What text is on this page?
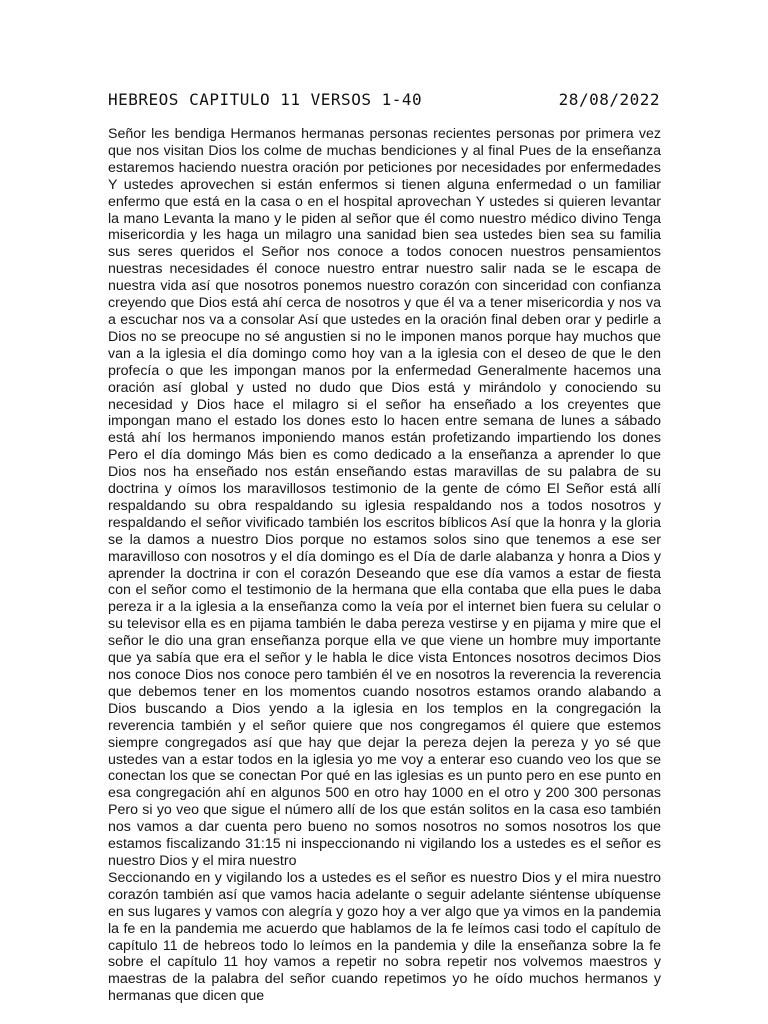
HEBREOS CAPITULO 11 VERSOS 1-40	28/08/2022

Señor les bendiga Hermanos hermanas personas recientes personas por primera vez que nos visitan Dios los colme de muchas bendiciones y al final Pues de la enseñanza estaremos haciendo nuestra oración por peticiones por necesidades por enfermedades Y ustedes aprovechen si están enfermos si tienen alguna enfermedad o un familiar enfermo que está en la casa o en el hospital aprovechan Y ustedes si quieren levantar la mano Levanta la mano y le piden al señor que él como nuestro médico divino Tenga misericordia y les haga un milagro una sanidad bien sea ustedes bien sea su familia sus seres queridos el Señor nos conoce a todos conocen nuestros pensamientos nuestras necesidades él conoce nuestro entrar nuestro salir nada se le escapa de nuestra vida así que nosotros ponemos nuestro corazón con sinceridad con confianza creyendo que Dios está ahí cerca de nosotros y que él va a tener misericordia y nos va a escuchar nos va a consolar Así que ustedes en la oración final deben orar y pedirle a Dios no se preocupe no sé angustien si no le imponen manos porque hay muchos que van a la iglesia el día domingo como hoy van a la iglesia con el deseo de que le den profecía o que les impongan manos por la enfermedad Generalmente hacemos una oración así global y usted no dudo que Dios está y mirándolo y conociendo su necesidad y Dios hace el milagro si el señor ha enseñado a los creyentes que impongan mano el estado los dones esto lo hacen entre semana de lunes a sábado está ahí los hermanos imponiendo manos están profetizando impartiendo los dones Pero el día domingo Más bien es como dedicado a la enseñanza a aprender lo que Dios nos ha enseñado nos están enseñando estas maravillas de su palabra de su doctrina y oímos los maravillosos testimonio de la gente de cómo El Señor está allí respaldando su obra respaldando su iglesia respaldando nos a todos nosotros y respaldando el señor vivificado también los escritos bíblicos Así que la honra y la gloria se la damos a nuestro Dios porque no estamos solos sino que tenemos a ese ser maravilloso con nosotros y el día domingo es el Día de darle alabanza y honra a Dios y aprender la doctrina ir con el corazón Deseando que ese día vamos a estar de fiesta con el señor como el testimonio de la hermana que ella contaba que ella pues le daba pereza ir a la iglesia a la enseñanza como la veía por el internet bien fuera su celular o su televisor ella es en pijama también le daba pereza vestirse y en pijama y mire que el señor le dio una gran enseñanza porque ella ve que viene un hombre muy importante que ya sabía que era el señor y le habla le dice vista Entonces nosotros decimos Dios nos conoce Dios nos conoce pero también él ve en nosotros la reverencia la reverencia que debemos tener en los momentos cuando nosotros estamos orando alabando a Dios buscando a Dios yendo a la iglesia en los templos en la congregación la reverencia también y el señor quiere que nos congregamos él quiere que estemos siempre congregados así que hay que dejar la pereza dejen la pereza y yo sé que ustedes van a estar todos en la iglesia yo me voy a enterar eso cuando veo los que se conectan los que se conectan Por qué en las iglesias es un punto pero en ese punto en esa congregación ahí en algunos 500 en otro hay 1000 en el otro y 200 300 personas Pero si yo veo que sigue el número allí de los que están solitos en la casa eso también nos vamos a dar cuenta pero bueno no somos nosotros no somos nosotros los que estamos fiscalizando 31:15 ni inspeccionando ni vigilando los a ustedes es el señor es nuestro Dios y el mira nuestro

Seccionando en y vigilando los a ustedes es el señor es nuestro Dios y el mira nuestro corazón también así que vamos hacia adelante o seguir adelante siéntense ubíquense en sus lugares y vamos con alegría y gozo hoy a ver algo que ya vimos en la pandemia la fe en la pandemia me acuerdo que hablamos de la fe leímos casi todo el capítulo de capítulo 11 de hebreos todo lo leímos en la pandemia y dile la enseñanza sobre la fe sobre el capítulo 11 hoy vamos a repetir no sobra repetir nos volvemos maestros y maestras de la palabra del señor cuando repetimos yo he oído muchos hermanos y hermanas que dicen que
